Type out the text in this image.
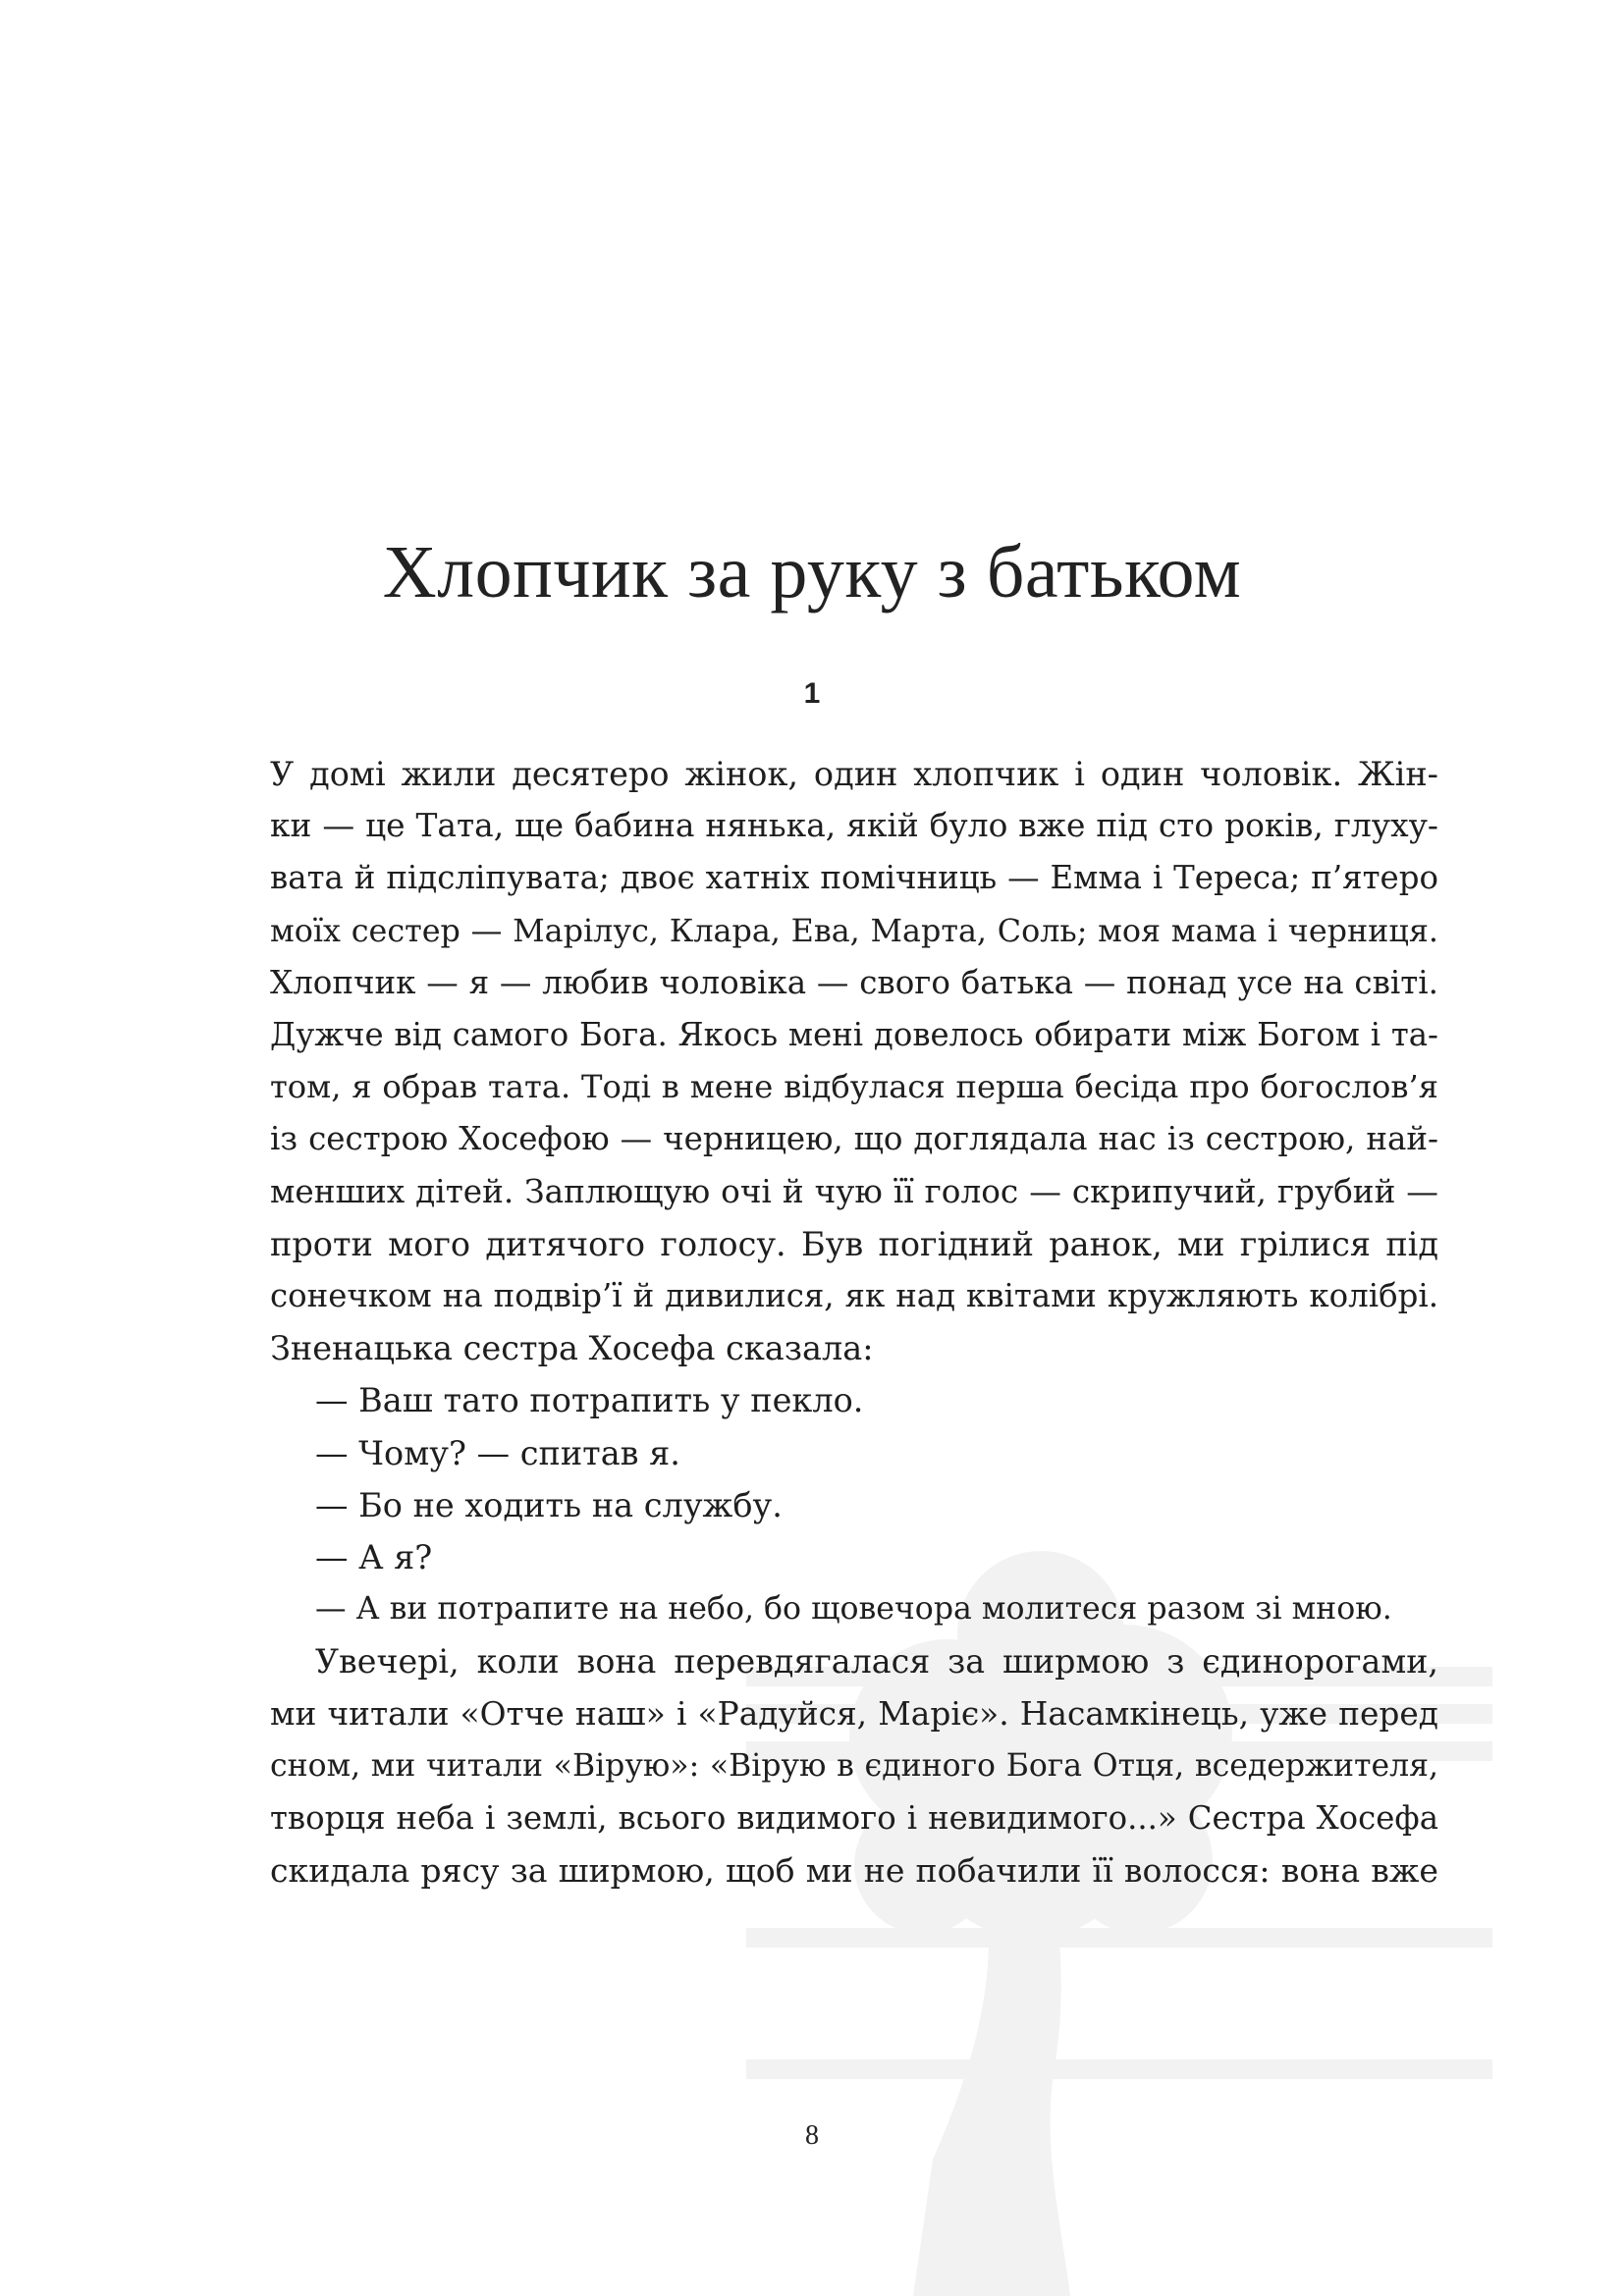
Хлопчик за руку з батьком
1

У домі жили десятеро жінок, один хлопчик і один чоловік. Жін-
ки — це Тата, ще бабина нянька, якій було вже під сто років, глуху-
вата й підсліпувата; двоє хатніх помічниць — Емма і Тереса; п’ятеро
моїх сестер — Марілус, Клара, Ева, Марта, Соль; моя мама і черниця.
Хлопчик — я — любив чоловіка — свого батька — понад усе на світі.
Дужче від самого Бога. Якось мені довелось обирати між Богом і та-
том, я обрав тата. Тоді в мене відбулася перша бесіда про богослов’я
із сестрою Хосефою — черницею, що доглядала нас із сестрою, най-
менших дітей. Заплющую очі й чую її голос — скрипучий, грубий —
проти мого дитячого голосу. Був погідний ранок, ми грілися під
сонечком на подвір’ї й дивилися, як над квітами кружляють колібрі.
Зненацька сестра Хосефа сказала:

— Ваш тато потрапить у пекло.

— Чому? — спитав я.

— Бо не ходить на службу.

— А я?

— А ви потрапите на небо, бо щовечора молитеся разом зі мною.

Увечері, коли вона перевдягалася за ширмою з єдинорогами,
ми читали «Отче наш» і «Радуйся, Маріє». Насамкінець, уже перед
сном, ми читали «Вірую»: «Вірую в єдиного Бога Отця, вседержителя,
творця неба і землі, всього видимого і невидимого...» Сестра Хосефа
скидала рясу за ширмою, щоб ми не побачили її волосся: вона вже

8
